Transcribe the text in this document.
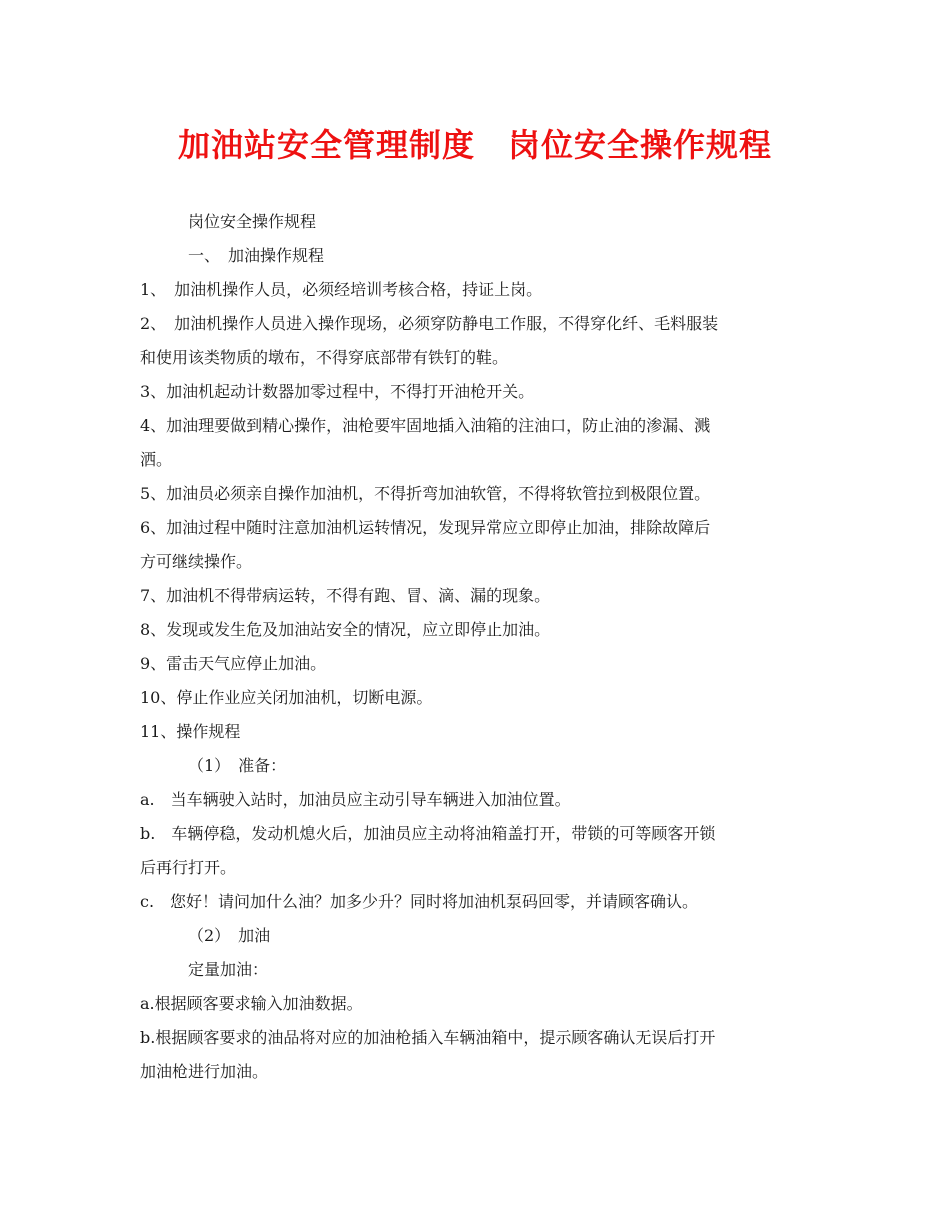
加油站安全管理制度　岗位安全操作规程
岗位安全操作规程
一、　加油操作规程
1、　加油机操作人员，必须经培训考核合格，持证上岗。
2、　加油机操作人员进入操作现场，必须穿防静电工作服，不得穿化纤、毛料服装
和使用该类物质的墩布，不得穿底部带有铁钉的鞋。
3、加油机起动计数器加零过程中，不得打开油枪开关。
4、加油理要做到精心操作，油枪要牢固地插入油箱的注油口，防止油的渗漏、溅
洒。
5、加油员必须亲自操作加油机，不得折弯加油软管，不得将软管拉到极限位置。
6、加油过程中随时注意加油机运转情况，发现异常应立即停止加油，排除故障后
方可继续操作。
7、加油机不得带病运转，不得有跑、冒、滴、漏的现象。
8、发现或发生危及加油站安全的情况，应立即停止加油。
9、雷击天气应停止加油。
10、停止作业应关闭加油机，切断电源。
11、操作规程
（1）　准备：
a.　当车辆驶入站时，加油员应主动引导车辆进入加油位置。
b.　车辆停稳，发动机熄火后，加油员应主动将油箱盖打开，带锁的可等顾客开锁
后再行打开。
c.　您好！请问加什么油？加多少升？同时将加油机泵码回零，并请顾客确认。
（2）　加油
定量加油：
a.根据顾客要求输入加油数据。
b.根据顾客要求的油品将对应的加油枪插入车辆油箱中，提示顾客确认无误后打开
加油枪进行加油。
